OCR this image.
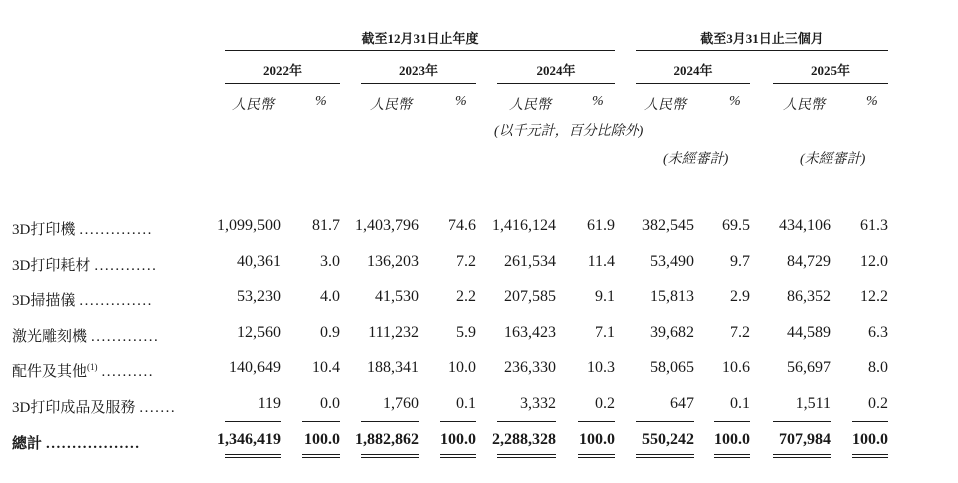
截至12月31日止年度	截至3月31日止三個月
2022年	2023年	2024年	2024年	2025年
人民幣	%	人民幣	%	人民幣	%	人民幣	%	人民幣	%
(以千元計，百分比除外)
(未經審計)	(未經審計)
3D打印機 ..............	1,099,500 81.7 1,403,796 74.6 1,416,124 61.9 382,545 69.5 434,106 61.3
3D打印耗材 ............	40,361 3.0 136,203 7.2 261,534 11.4 53,490 9.7 84,729 12.0
3D掃描儀 ..............	53,230 4.0 41,530 2.2 207,585 9.1 15,813 2.9 86,352 12.2
激光雕刻機 .............	12,560 0.9 111,232 5.9 163,423 7.1 39,682 7.2 44,589 6.3
配件及其他$^{(1)}$ ..........	140,649 10.4 188,341 10.0 236,330 10.3 58,065 10.6 56,697 8.0
3D打印成品及服務 .......	119 0.0	1,760 0.1	3,332 0.2	647 0.1	1,511 0.2
總計 ..................	1,346,419 100.0 1,882,862 100.0 2,288,328 100.0 550,242 100.0 707,984 100.0
